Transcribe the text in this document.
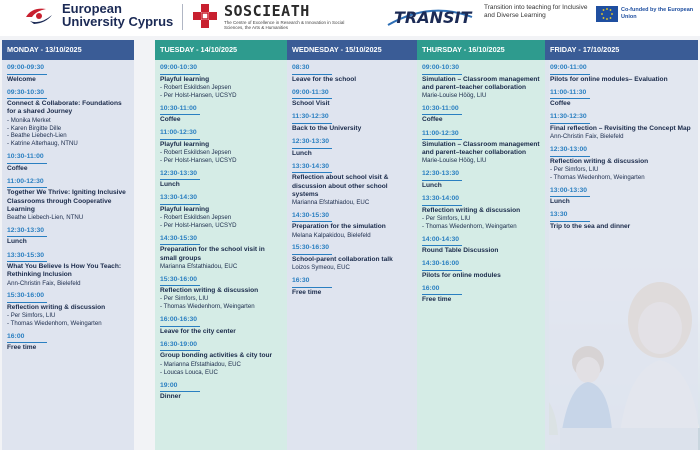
European
University Cyprus
SOSCIEATH
The Centre of Excellence in Research & Innovation in Social Sciences, the Arts & Humanities
TRANSIT
Transition into teaching for Inclusive and Diverse Learning
Co-funded by the European Union
MONDAY - 13/10/2025
09:00-09:30
Welcome
09:30-10:30
Connect & Collaborate: Foundations for a shared Journey
- Monika Merket
- Karen Birgitte Dille
- Beathe Liebech-Lien
- Katrine Alterhaug, NTNU
10:30-11:00
Coffee
11:00-12:30
Together We Thrive: Igniting Inclusive Classrooms through Cooperative Learning
Beathe Liebech-Lien, NTNU
12:30-13:30
Lunch
13:30-15:30
What You Believe Is How You Teach: Rethinking Inclusion
Ann-Christin Faix, Bielefeld
15:30-16:00
Reflection writing & discussion
- Per Simfors, LIU
- Thomas Wiedenhorn, Weingarten
16:00
Free time
TUESDAY - 14/10/2025
09:00-10:30
Playful learning
- Robert Eskildsen Jepsen
- Per Holst-Hansen, UCSYD
10:30-11:00
Coffee
11:00-12:30
Playful learning
- Robert Eskildsen Jepsen
- Per Holst-Hansen, UCSYD
12:30-13:30
Lunch
13:30-14:30
Playful learning
- Robert Eskildsen Jepsen
- Per Holst-Hansen, UCSYD
14:30-15:30
Preparation for the school visit in small groups
Marianna Efstathiadou, EUC
15:30-16:00
Reflection writing & discussion
- Per Simfors, LIU
- Thomas Wiedenhorn, Weingarten
16:00-16:30
Leave for the city center
16:30-19:00
Group bonding activities & city tour
- Marianna Efstathiadou, EUC
- Loucas Louca, EUC
19:00
Dinner
WEDNESDAY - 15/10/2025
08:30
Leave for the school
09:00-11:30
School Visit
11:30-12:30
Back to the University
12:30-13:30
Lunch
13:30-14:30
Reflection about school visit & discussion about other school systems
Marianna Efstathiadou, EUC
14:30-15:30
Preparation for the simulation
Melana Kalpakidou, Bielefeld
15:30-16:30
School-parent collaboration talk
Loizos Symeou, EUC
16:30
Free time
THURSDAY - 16/10/2025
09:00-10:30
Simulation – Classroom management and parent–teacher collaboration
Marie-Louise Höög, LIU
10:30-11:00
Coffee
11:00-12:30
Simulation – Classroom management and parent–teacher collaboration
Marie-Louise Höög, LIU
12:30-13:30
Lunch
13:30-14:00
Reflection writing & discussion
- Per Simfors, LIU
- Thomas Wiedenhorn, Weingarten
14:00-14:30
Round Table Discussion
14:30-16:00
Pilots for online modules
16:00
Free time
FRIDAY - 17/10/2025
09:00-11:00
Pilots for online modules– Evaluation
11:00-11:30
Coffee
11:30-12:30
Final reflection – Revisiting the Concept Map
Ann-Christin Faix, Bielefeld
12:30-13:00
Reflection writing & discussion
- Per Simfors, LIU
- Thomas Wiedenhorn, Weingarten
13:00-13:30
Lunch
13:30
Trip to the sea and dinner
